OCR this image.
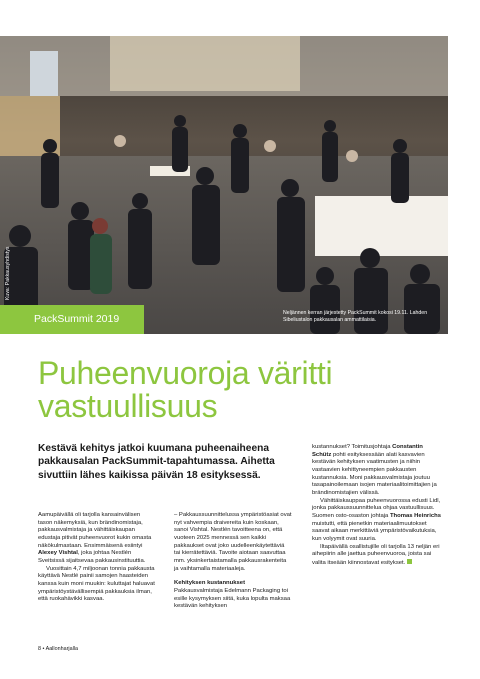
Kuva: Pakkausyhdistys
Neljännen kerran järjestetty PackSummit kokosi 19.11. Lahden Sibeliustalon pakkausalan ammattilaisia.
PackSummit 2019
Puheenvuoroja väritti
vastuullisuus

Kestävä kehitys jatkoi kuumana puheenaiheena pakkausalan PackSummit-tapahtumassa. Aihetta sivuttiin lähes kaikissa päivän 18 esityksessä.

Aamupäivällä oli tarjolla kansainvälisen tason näkemyksiä, kun brändinomistaja, pakkausvalmistaja ja vähittäiskaupan edustaja pitivät puheenvuorot kukin omasta näkökulmastaan. Ensimmäisenä esiintyi Alexey Vishtal, joka johtaa Nestlén Sveitsissä sijaitsevaa pakkausinstituuttia.

Vuosittain 4,7 miljoonan tonnia pakkausta käyttävä Nestlé painii samojen haasteiden kanssa kuin moni muukin: kuluttajat haluavat ympäristöystävällisempiä pakkauksia ilman, että ruokahävikki kasvaa.

– Pakkaussuunnittelussa ympäristöasiat ovat nyt vahvempia draivereita kuin koskaan, sanoi Vishtal. Nestlén tavoitteena on, että vuoteen 2025 mennessä sen kaikki pakkaukset ovat joko uudelleenkäytettäviä tai kierrätettäviä. Tavoite aiotaan saavuttaa mm. yksinkertaistamalla pakkausrakenteita ja vaihtamalla materiaaleja.

Kehityksen kustannukset

Pakkausvalmistaja Edelmann Packaging toi esille kysymyksen siitä, kuka lopulta maksaa kestävän kehityksen

kustannukset? Toimitusjohtaja Constantin Schütz pohti esityksessään alati kasvavien kestävän kehityksen vaatimusten ja niihin vastaavien kehittyneempien pakkausten kustannuksia. Moni pakkausvalmistaja joutuu tasapainoilemaan isojen materiaalitoimittajien ja brändinomistajien välissä.

Vähittäiskauppaa puheenvuorossa edusti Lidl, jonka pakkaussuunnittelua ohjaa vastuullisuus. Suomen osto-osaston johtaja Thomas Heinrichs muistutti, että pienetkin materiaalimuutokset saavat aikaan merkittäviä ympäristövaikutuksia, kun volyymit ovat suuria.

Iltapäivällä osallistujille oli tarjolla 13 neljän eri aihepiirin alle jaettua puheenvuoroa, joista sai valita itseään kiinnostavat esitykset.

8 • Aallonharjalla
